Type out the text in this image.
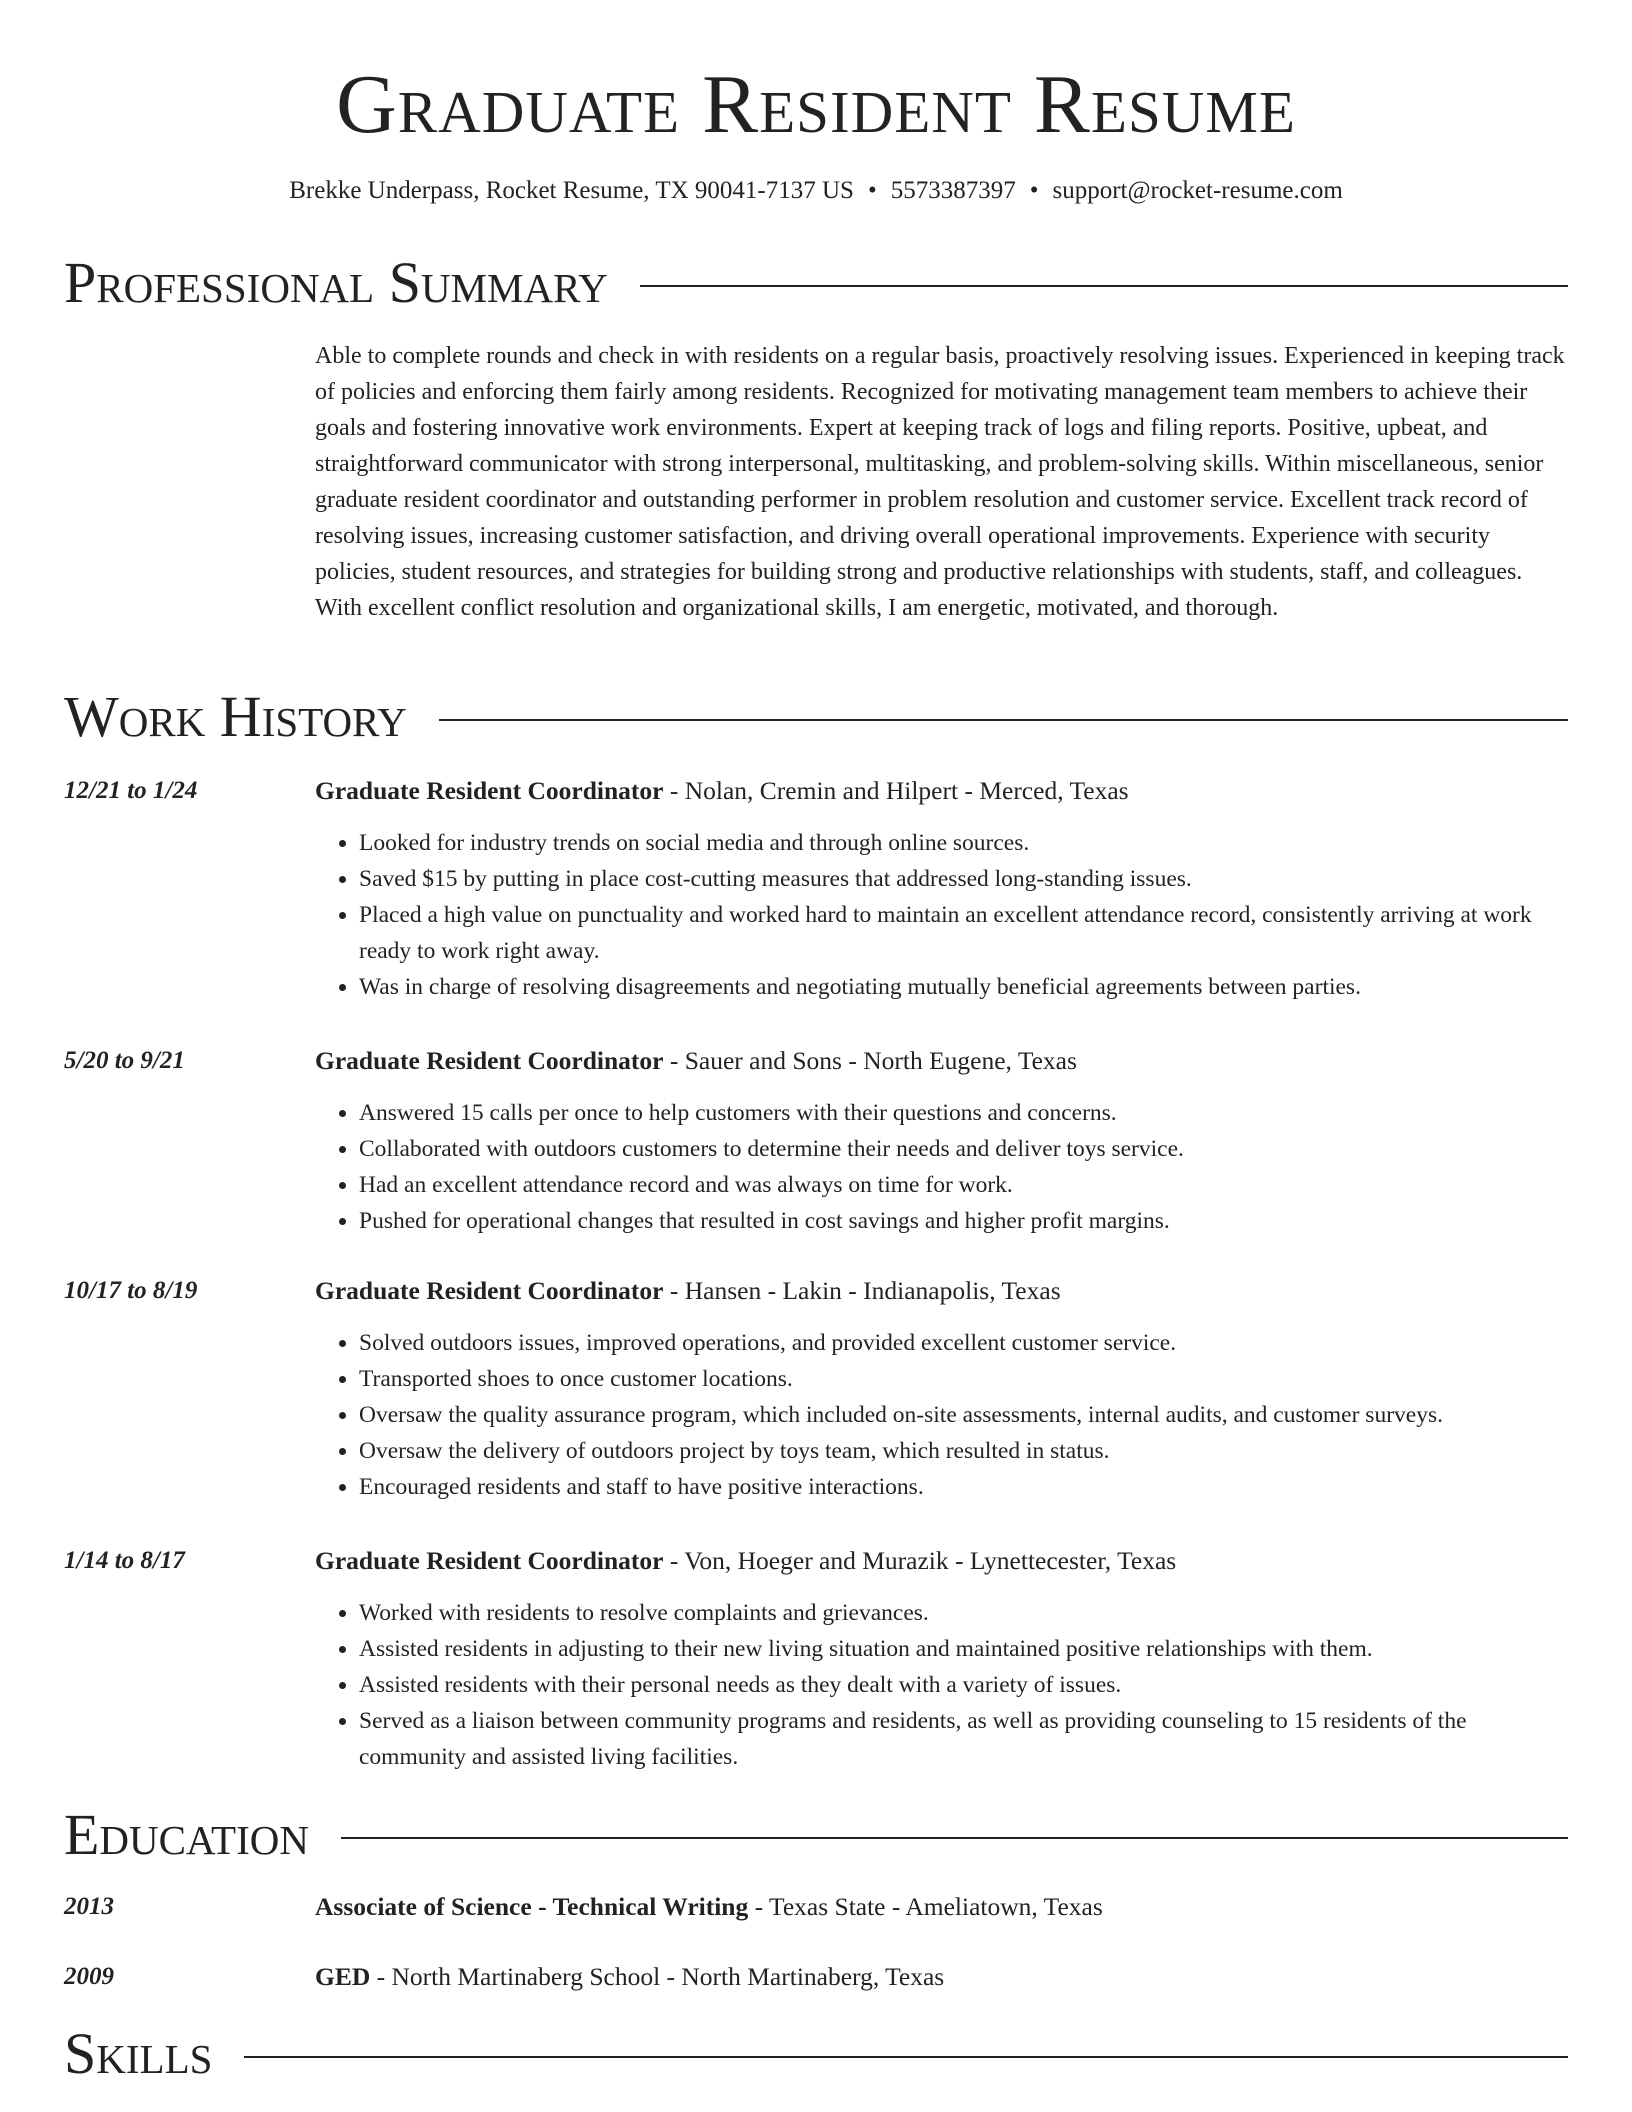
Graduate Resident Resume
Brekke Underpass, Rocket Resume, TX 90041-7137 US • 5573387397 • support@rocket-resume.com
Professional Summary
Able to complete rounds and check in with residents on a regular basis, proactively resolving issues. Experienced in keeping track of policies and enforcing them fairly among residents. Recognized for motivating management team members to achieve their goals and fostering innovative work environments. Expert at keeping track of logs and filing reports. Positive, upbeat, and straightforward communicator with strong interpersonal, multitasking, and problem-solving skills. Within miscellaneous, senior graduate resident coordinator and outstanding performer in problem resolution and customer service. Excellent track record of resolving issues, increasing customer satisfaction, and driving overall operational improvements. Experience with security policies, student resources, and strategies for building strong and productive relationships with students, staff, and colleagues. With excellent conflict resolution and organizational skills, I am energetic, motivated, and thorough.
Work History
12/21 to 1/24	Graduate Resident Coordinator - Nolan, Cremin and Hilpert - Merced, Texas
• Looked for industry trends on social media and through online sources.
• Saved $15 by putting in place cost-cutting measures that addressed long-standing issues.
• Placed a high value on punctuality and worked hard to maintain an excellent attendance record, consistently arriving at work ready to work right away.
• Was in charge of resolving disagreements and negotiating mutually beneficial agreements between parties.
5/20 to 9/21	Graduate Resident Coordinator - Sauer and Sons - North Eugene, Texas
• Answered 15 calls per once to help customers with their questions and concerns.
• Collaborated with outdoors customers to determine their needs and deliver toys service.
• Had an excellent attendance record and was always on time for work.
• Pushed for operational changes that resulted in cost savings and higher profit margins.
10/17 to 8/19	Graduate Resident Coordinator - Hansen - Lakin - Indianapolis, Texas
• Solved outdoors issues, improved operations, and provided excellent customer service.
• Transported shoes to once customer locations.
• Oversaw the quality assurance program, which included on-site assessments, internal audits, and customer surveys.
• Oversaw the delivery of outdoors project by toys team, which resulted in status.
• Encouraged residents and staff to have positive interactions.
1/14 to 8/17	Graduate Resident Coordinator - Von, Hoeger and Murazik - Lynettecester, Texas
• Worked with residents to resolve complaints and grievances.
• Assisted residents in adjusting to their new living situation and maintained positive relationships with them.
• Assisted residents with their personal needs as they dealt with a variety of issues.
• Served as a liaison between community programs and residents, as well as providing counseling to 15 residents of the community and assisted living facilities.
Education
2013	Associate of Science - Technical Writing - Texas State - Ameliatown, Texas
2009	GED - North Martinaberg School - North Martinaberg, Texas
Skills
